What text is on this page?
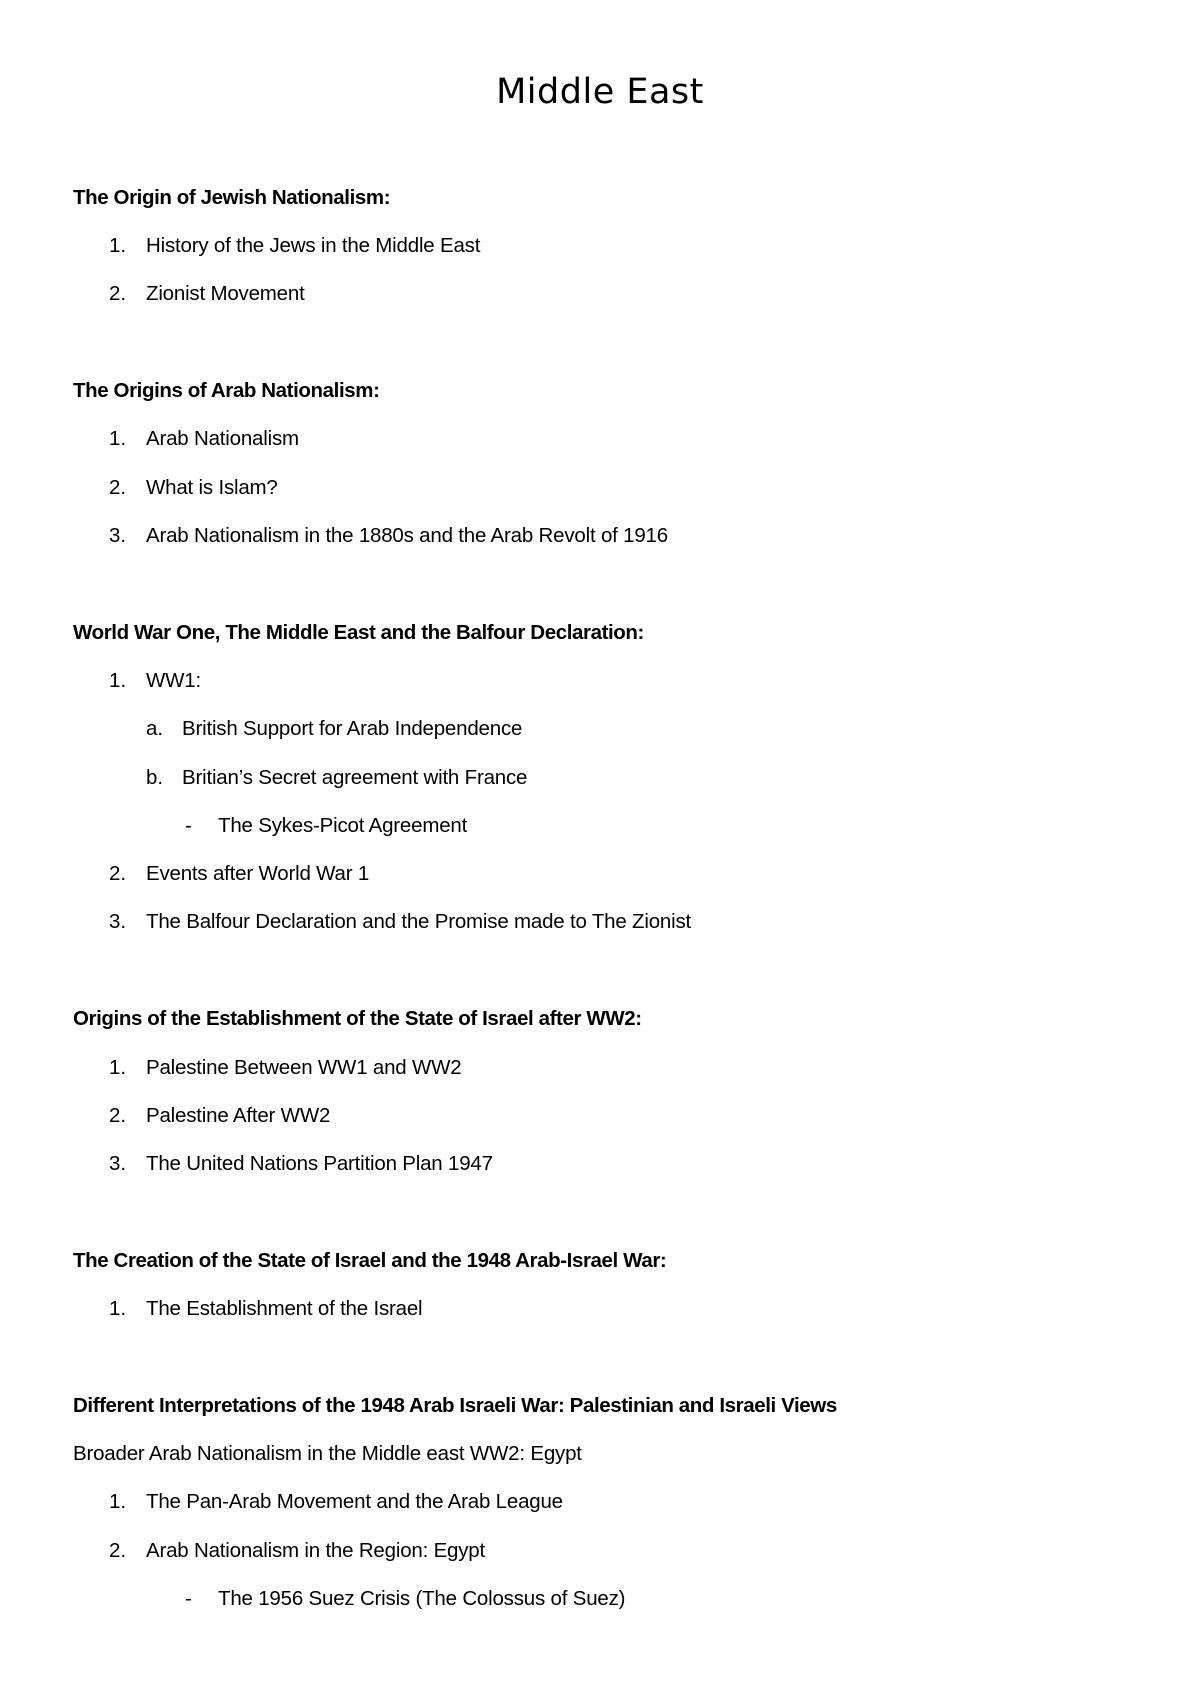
Middle East
The Origin of Jewish Nationalism:
1. History of the Jews in the Middle East
2. Zionist Movement
The Origins of Arab Nationalism:
1. Arab Nationalism
2. What is Islam?
3. Arab Nationalism in the 1880s and the Arab Revolt of 1916
World War One, The Middle East and the Balfour Declaration:
1. WW1:
a. British Support for Arab Independence
b. Britian’s Secret agreement with France
- The Sykes-Picot Agreement
2. Events after World War 1
3. The Balfour Declaration and the Promise made to The Zionist
Origins of the Establishment of the State of Israel after WW2:
1. Palestine Between WW1 and WW2
2. Palestine After WW2
3. The United Nations Partition Plan 1947
The Creation of the State of Israel and the 1948 Arab-Israel War:
1. The Establishment of the Israel
Different Interpretations of the 1948 Arab Israeli War: Palestinian and Israeli Views
Broader Arab Nationalism in the Middle east WW2: Egypt
1. The Pan-Arab Movement and the Arab League
2. Arab Nationalism in the Region: Egypt
- The 1956 Suez Crisis (The Colossus of Suez)
